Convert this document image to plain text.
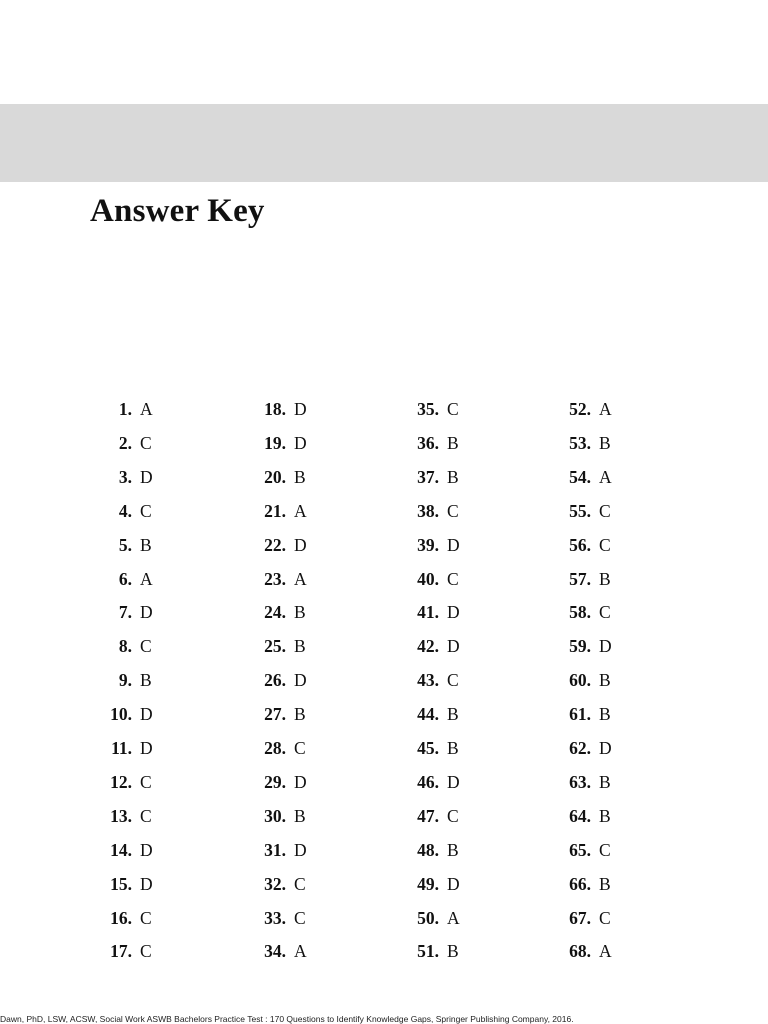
Answer Key
1. A
2. C
3. D
4. C
5. B
6. A
7. D
8. C
9. B
10. D
11. D
12. C
13. C
14. D
15. D
16. C
17. C
18. D
19. D
20. B
21. A
22. D
23. A
24. B
25. B
26. D
27. B
28. C
29. D
30. B
31. D
32. C
33. C
34. A
35. C
36. B
37. B
38. C
39. D
40. C
41. D
42. D
43. C
44. B
45. B
46. D
47. C
48. B
49. D
50. A
51. B
52. A
53. B
54. A
55. C
56. C
57. B
58. C
59. D
60. B
61. B
62. D
63. B
64. B
65. C
66. B
67. C
68. A
Dawn, PhD, LSW, ACSW, Social Work ASWB Bachelors Practice Test : 170 Questions to Identify Knowledge Gaps, Springer Publishing Company, 2016.
